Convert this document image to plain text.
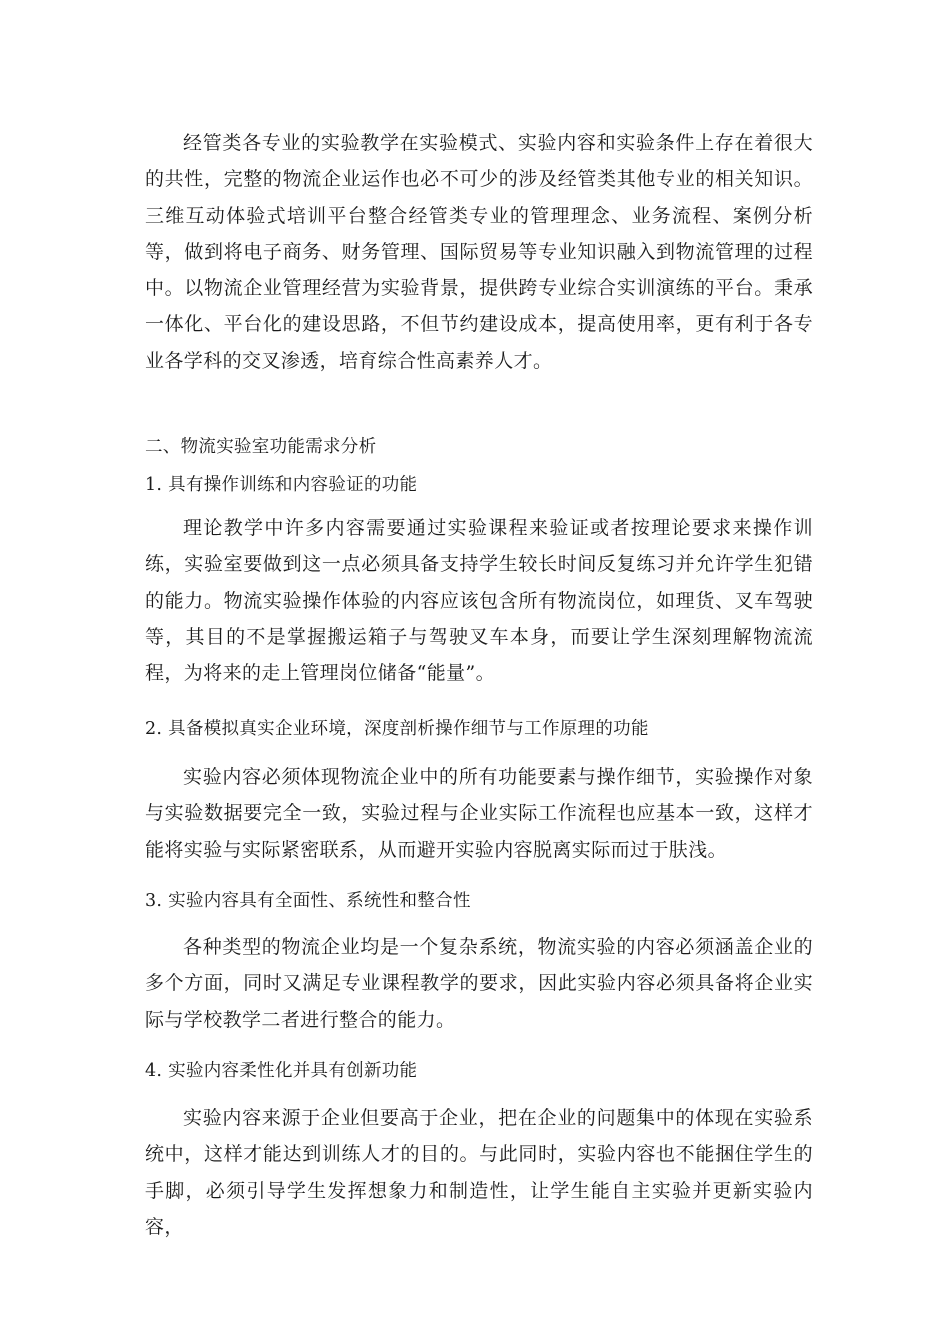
经管类各专业的实验教学在实验模式、实验内容和实验条件上存在着很大的共性，完整的物流企业运作也必不可少的涉及经管类其他专业的相关知识。三维互动体验式培训平台整合经管类专业的管理理念、业务流程、案例分析等，做到将电子商务、财务管理、国际贸易等专业知识融入到物流管理的过程中。以物流企业管理经营为实验背景，提供跨专业综合实训演练的平台。秉承一体化、平台化的建设思路，不但节约建设成本，提高使用率，更有利于各专业各学科的交叉渗透，培育综合性高素养人才。

二、物流实验室功能需求分析
1. 具有操作训练和内容验证的功能

理论教学中许多内容需要通过实验课程来验证或者按理论要求来操作训练，实验室要做到这一点必须具备支持学生较长时间反复练习并允许学生犯错的能力。物流实验操作体验的内容应该包含所有物流岗位，如理货、叉车驾驶等，其目的不是掌握搬运箱子与驾驶叉车本身，而要让学生深刻理解物流流程，为将来的走上管理岗位储备“能量”。

2. 具备模拟真实企业环境，深度剖析操作细节与工作原理的功能

实验内容必须体现物流企业中的所有功能要素与操作细节，实验操作对象与实验数据要完全一致，实验过程与企业实际工作流程也应基本一致，这样才能将实验与实际紧密联系，从而避开实验内容脱离实际而过于肤浅。

3. 实验内容具有全面性、系统性和整合性

各种类型的物流企业均是一个复杂系统，物流实验的内容必须涵盖企业的多个方面，同时又满足专业课程教学的要求，因此实验内容必须具备将企业实际与学校教学二者进行整合的能力。

4. 实验内容柔性化并具有创新功能

实验内容来源于企业但要高于企业，把在企业的问题集中的体现在实验系统中，这样才能达到训练人才的目的。与此同时，实验内容也不能捆住学生的手脚，必须引导学生发挥想象力和制造性，让学生能自主实验并更新实验内容，
